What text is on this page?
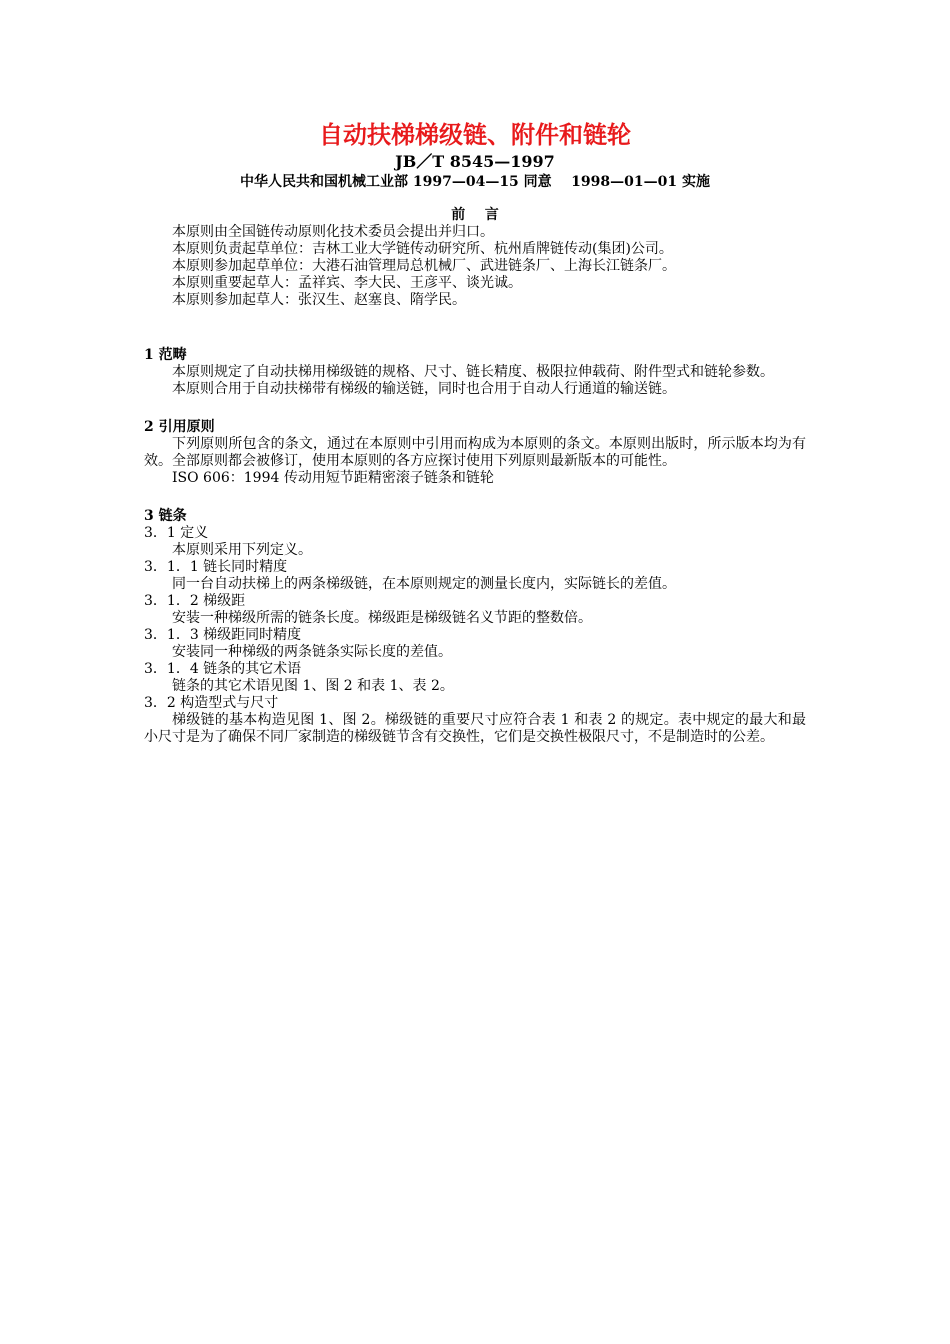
自动扶梯梯级链、附件和链轮

JB／T 8545—1997

中华人民共和国机械工业部 1997—04—15 同意    1998—01—01 实施

前    言

本原则由全国链传动原则化技术委员会提出并归口。

本原则负责起草单位：吉林工业大学链传动研究所、杭州盾牌链传动(集团)公司。

本原则参加起草单位：大港石油管理局总机械厂、武进链条厂、上海长江链条厂。

本原则重要起草人：孟祥宾、李大民、王彦平、谈光诚。

本原则参加起草人：张汉生、赵塞良、隋学民。

1 范畴

本原则规定了自动扶梯用梯级链的规格、尺寸、链长精度、极限拉伸载荷、附件型式和链轮参数。

本原则合用于自动扶梯带有梯级的输送链，同时也合用于自动人行通道的输送链。

2 引用原则

下列原则所包含的条文，通过在本原则中引用而构成为本原则的条文。本原则出版时，所示版本均为有效。全部原则都会被修订，使用本原则的各方应探讨使用下列原则最新版本的可能性。

ISO 606：1994 传动用短节距精密滚子链条和链轮

3 链条

3．1 定义

本原则采用下列定义。

3．1．1 链长同时精度

同一台自动扶梯上的两条梯级链，在本原则规定的测量长度内，实际链长的差值。

3．1．2 梯级距

安装一种梯级所需的链条长度。梯级距是梯级链名义节距的整数倍。

3．1．3 梯级距同时精度

安装同一种梯级的两条链条实际长度的差值。

3．1．4 链条的其它术语

链条的其它术语见图 1、图 2 和表 1、表 2。

3．2 构造型式与尺寸

梯级链的基本构造见图 1、图 2。梯级链的重要尺寸应符合表 1 和表 2 的规定。表中规定的最大和最小尺寸是为了确保不同厂家制造的梯级链节含有交换性，它们是交换性极限尺寸，不是制造时的公差。
